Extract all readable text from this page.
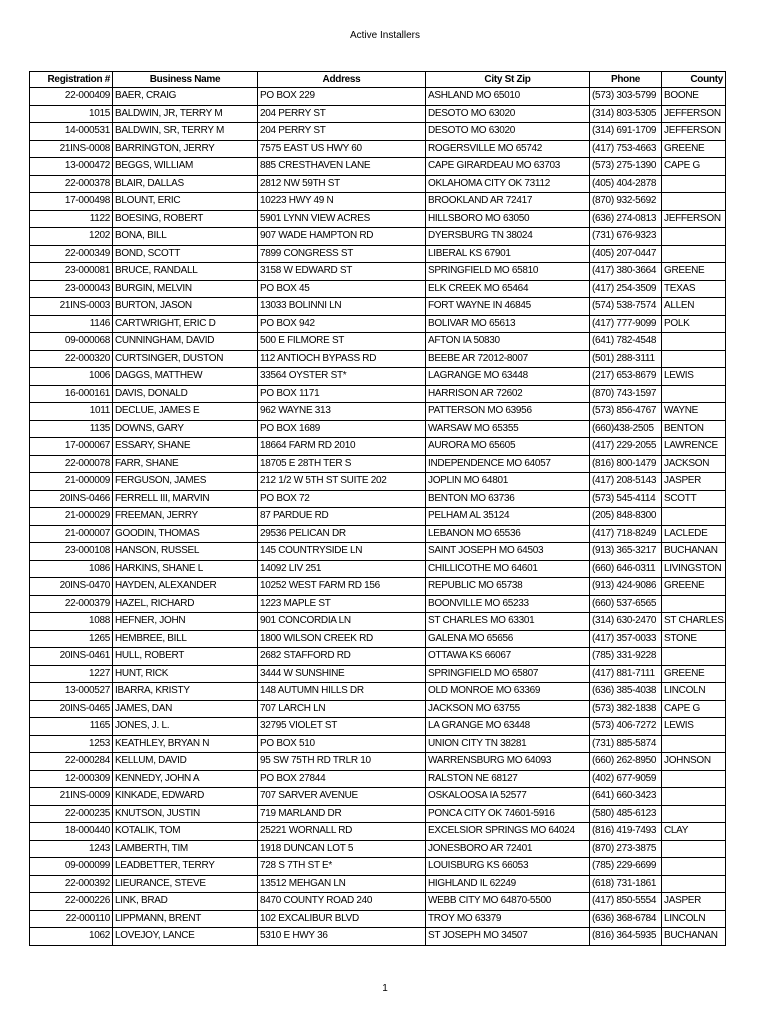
Active Installers
Registration #	Business Name	Address	City St Zip	Phone	County
22-000409	BAER, CRAIG	PO BOX 229	ASHLAND MO 65010	(573) 303-5799	BOONE
1015	BALDWIN, JR, TERRY M	204 PERRY ST	DESOTO MO 63020	(314) 803-5305	JEFFERSON
14-000531	BALDWIN, SR, TERRY M	204 PERRY ST	DESOTO MO 63020	(314) 691-1709	JEFFERSON
21INS-0008	BARRINGTON, JERRY	7575 EAST US HWY 60	ROGERSVILLE MO 65742	(417) 753-4663	GREENE
13-000472	BEGGS, WILLIAM	885 CRESTHAVEN LANE	CAPE GIRARDEAU MO 63703	(573) 275-1390	CAPE G
22-000378	BLAIR, DALLAS	2812 NW 59TH ST	OKLAHOMA CITY OK 73112	(405) 404-2878	
17-000498	BLOUNT, ERIC	10223 HWY 49 N	BROOKLAND AR 72417	(870) 932-5692	
1122	BOESING, ROBERT	5901 LYNN VIEW ACRES	HILLSBORO MO 63050	(636) 274-0813	JEFFERSON
1202	BONA, BILL	907 WADE HAMPTON RD	DYERSBURG TN 38024	(731) 676-9323	
22-000349	BOND, SCOTT	7899 CONGRESS ST	LIBERAL KS 67901	(405) 207-0447	
23-000081	BRUCE, RANDALL	3158 W EDWARD ST	SPRINGFIELD MO 65810	(417) 380-3664	GREENE
23-000043	BURGIN, MELVIN	PO BOX 45	ELK CREEK MO 65464	(417) 254-3509	TEXAS
21INS-0003	BURTON, JASON	13033 BOLINNI LN	FORT WAYNE IN 46845	(574) 538-7574	ALLEN
1146	CARTWRIGHT, ERIC D	PO BOX 942	BOLIVAR MO 65613	(417) 777-9099	POLK
09-000068	CUNNINGHAM, DAVID	500 E FILMORE ST	AFTON IA 50830	(641) 782-4548	
22-000320	CURTSINGER, DUSTON	112 ANTIOCH BYPASS RD	BEEBE AR 72012-8007	(501) 288-3111	
1006	DAGGS, MATTHEW	33564 OYSTER ST*	LAGRANGE MO 63448	(217) 653-8679	LEWIS
16-000161	DAVIS, DONALD	PO BOX 1171	HARRISON AR 72602	(870) 743-1597	
1011	DECLUE, JAMES E	962 WAYNE 313	PATTERSON MO 63956	(573) 856-4767	WAYNE
1135	DOWNS, GARY	PO BOX 1689	WARSAW MO 65355	(660)438-2505	BENTON
17-000067	ESSARY, SHANE	18664 FARM RD 2010	AURORA MO 65605	(417) 229-2055	LAWRENCE
22-000078	FARR, SHANE	18705 E 28TH TER S	INDEPENDENCE MO 64057	(816) 800-1479	JACKSON
21-000009	FERGUSON, JAMES	212 1/2 W 5TH ST SUITE 202	JOPLIN MO 64801	(417) 208-5143	JASPER
20INS-0466	FERRELL III, MARVIN	PO BOX 72	BENTON MO 63736	(573) 545-4114	SCOTT
21-000029	FREEMAN, JERRY	87 PARDUE RD	PELHAM AL 35124	(205) 848-8300	
21-000007	GOODIN, THOMAS	29536 PELICAN DR	LEBANON MO 65536	(417) 718-8249	LACLEDE
23-000108	HANSON, RUSSEL	145 COUNTRYSIDE LN	SAINT JOSEPH MO 64503	(913) 365-3217	BUCHANAN
1086	HARKINS, SHANE L	14092 LIV 251	CHILLICOTHE MO 64601	(660) 646-0311	LIVINGSTON
20INS-0470	HAYDEN, ALEXANDER	10252 WEST FARM RD 156	REPUBLIC MO 65738	(913) 424-9086	GREENE
22-000379	HAZEL, RICHARD	1223 MAPLE ST	BOONVILLE MO 65233	(660) 537-6565	
1088	HEFNER, JOHN	901 CONCORDIA LN	ST CHARLES MO 63301	(314) 630-2470	ST CHARLES
1265	HEMBREE, BILL	1800 WILSON CREEK RD	GALENA MO 65656	(417) 357-0033	STONE
20INS-0461	HULL, ROBERT	2682 STAFFORD RD	OTTAWA KS 66067	(785) 331-9228	
1227	HUNT, RICK	3444 W SUNSHINE	SPRINGFIELD MO 65807	(417) 881-7111	GREENE
13-000527	IBARRA, KRISTY	148 AUTUMN HILLS DR	OLD MONROE MO 63369	(636) 385-4038	LINCOLN
20INS-0465	JAMES, DAN	707 LARCH LN	JACKSON MO 63755	(573) 382-1838	CAPE G
1165	JONES, J. L.	32795 VIOLET ST	LA GRANGE MO 63448	(573) 406-7272	LEWIS
1253	KEATHLEY, BRYAN N	PO BOX 510	UNION CITY TN 38281	(731) 885-5874	
22-000284	KELLUM, DAVID	95 SW 75TH RD TRLR 10	WARRENSBURG MO 64093	(660) 262-8950	JOHNSON
12-000309	KENNEDY, JOHN A	PO BOX 27844	RALSTON NE 68127	(402) 677-9059	
21INS-0009	KINKADE, EDWARD	707 SARVER AVENUE	OSKALOOSA IA 52577	(641) 660-3423	
22-000235	KNUTSON, JUSTIN	719 MARLAND DR	PONCA CITY OK 74601-5916	(580) 485-6123	
18-000440	KOTALIK, TOM	25221 WORNALL RD	EXCELSIOR SPRINGS MO 64024	(816) 419-7493	CLAY
1243	LAMBERTH, TIM	1918 DUNCAN LOT 5	JONESBORO AR 72401	(870) 273-3875	
09-000099	LEADBETTER, TERRY	728 S 7TH ST E*	LOUISBURG KS 66053	(785) 229-6699	
22-000392	LIEURANCE, STEVE	13512 MEHGAN LN	HIGHLAND IL 62249	(618) 731-1861	
22-000226	LINK, BRAD	8470 COUNTY ROAD 240	WEBB CITY MO 64870-5500	(417) 850-5554	JASPER
22-000110	LIPPMANN, BRENT	102 EXCALIBUR BLVD	TROY MO 63379	(636) 368-6784	LINCOLN
1062	LOVEJOY, LANCE	5310 E HWY 36	ST JOSEPH MO 34507	(816) 364-5935	BUCHANAN
1
